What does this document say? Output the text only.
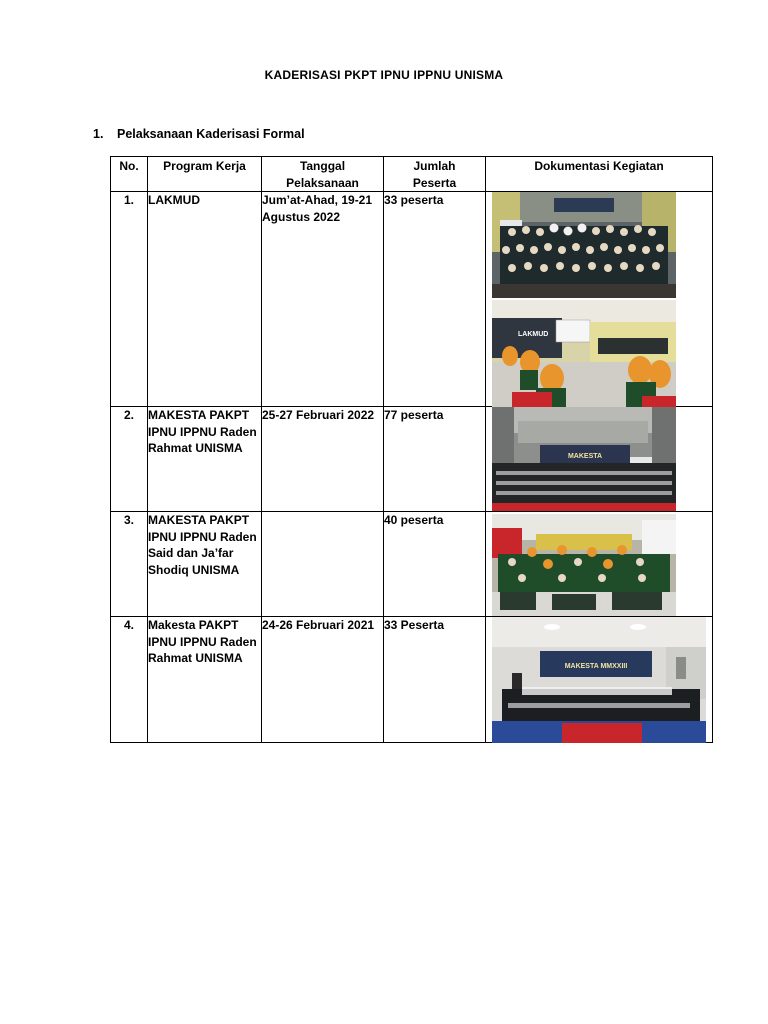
KADERISASI PKPT IPNU IPPNU UNISMA
1. Pelaksanaan Kaderisasi Formal
No.	Program Kerja	Tanggal Pelaksanaan	Jumlah Peserta	Dokumentasi Kegiatan
1.	LAKMUD	Jum’at-Ahad, 19-21 Agustus 2022	33 peserta	LAKMUD

2.	MAKESTA PAKPT IPNU IPPNU Raden Rahmat UNISMA	25-27 Februari 2022	77 peserta	MAKESTA

3.	MAKESTA PAKPT IPNU IPPNU Raden Said dan Ja’far Shodiq UNISMA		40 peserta	

4.	Makesta PAKPT IPNU IPPNU Raden Rahmat UNISMA	24-26 Februari 2021	33 Peserta	MAKESTA MMXXIII
